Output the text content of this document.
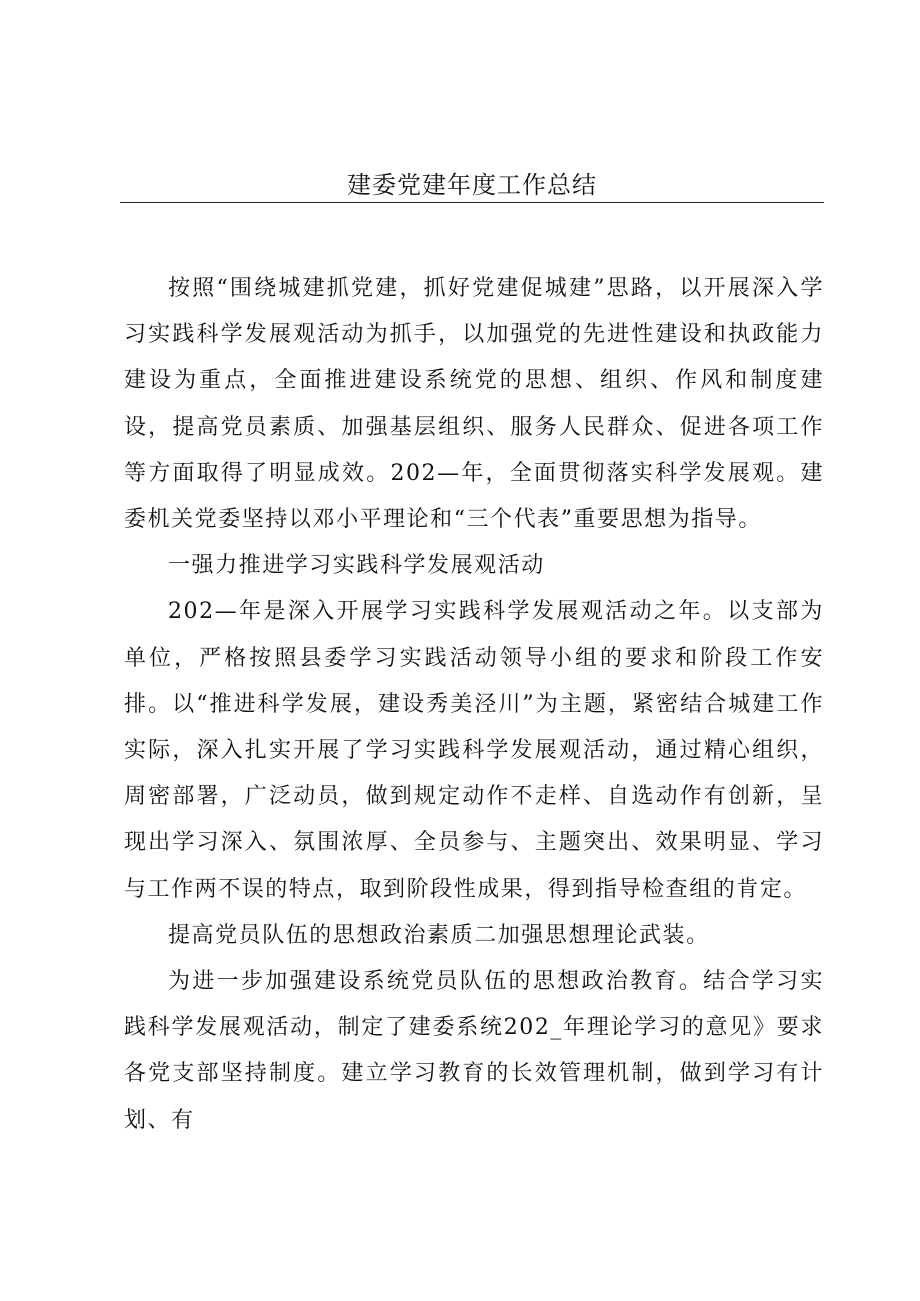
建委党建年度工作总结

按照“围绕城建抓党建，抓好党建促城建”思路，以开展深入学习实践科学发展观活动为抓手，以加强党的先进性建设和执政能力建设为重点，全面推进建设系统党的思想、组织、作风和制度建设，提高党员素质、加强基层组织、服务人民群众、促进各项工作等方面取得了明显成效。202—年，全面贯彻落实科学发展观。建委机关党委坚持以邓小平理论和“三个代表”重要思想为指导。

一强力推进学习实践科学发展观活动

202—年是深入开展学习实践科学发展观活动之年。以支部为单位，严格按照县委学习实践活动领导小组的要求和阶段工作安排。以“推进科学发展，建设秀美泾川”为主题，紧密结合城建工作实际，深入扎实开展了学习实践科学发展观活动，通过精心组织，周密部署，广泛动员，做到规定动作不走样、自选动作有创新，呈现出学习深入、氛围浓厚、全员参与、主题突出、效果明显、学习与工作两不误的特点，取到阶段性成果，得到指导检查组的肯定。

提高党员队伍的思想政治素质二加强思想理论武装。

为进一步加强建设系统党员队伍的思想政治教育。结合学习实践科学发展观活动，制定了建委系统202_年理论学习的意见》要求各党支部坚持制度。建立学习教育的长效管理机制，做到学习有计划、有
